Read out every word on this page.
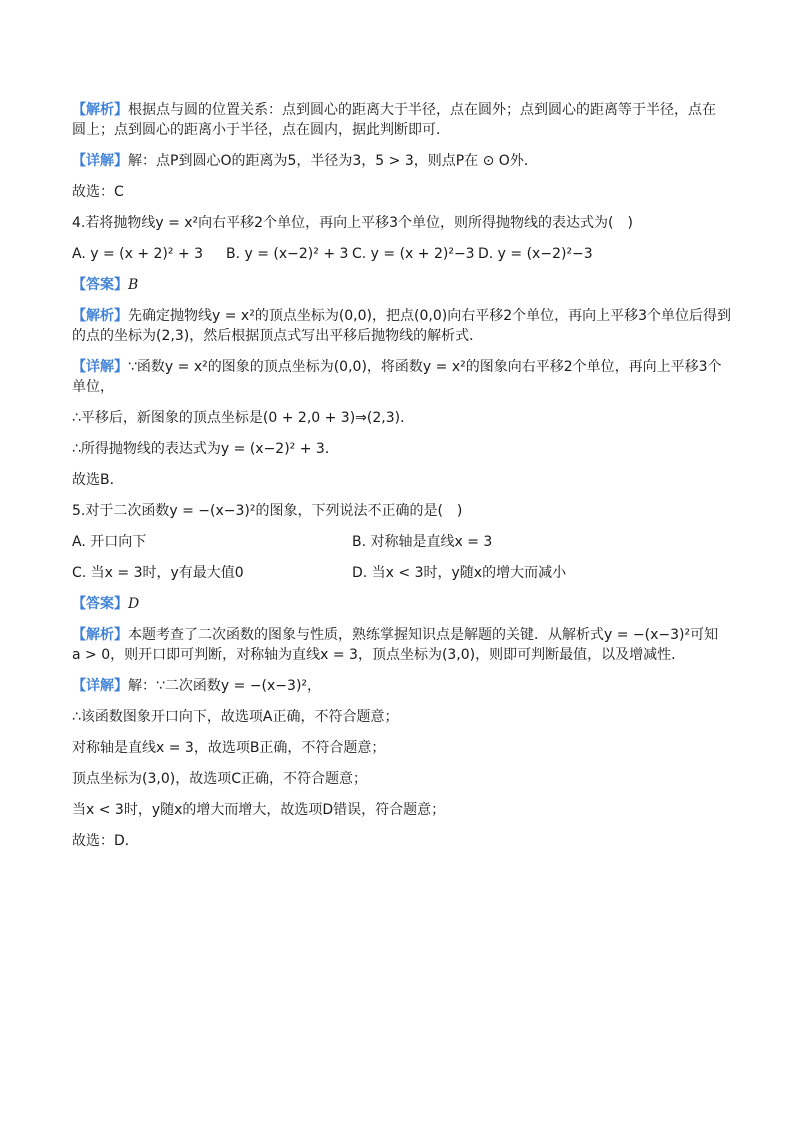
【解析】根据点与圆的位置关系：点到圆心的距离大于半径，点在圆外；点到圆心的距离等于半径，点在
圆上；点到圆心的距离小于半径，点在圆内，据此判断即可．
【详解】解：点P到圆心O的距离为5，半径为3，5 > 3，则点P在 ⊙ O外．
故选：C
4.若将抛物线y = x²向右平移2个单位，再向上平移3个单位，则所得抛物线的表达式为(　)
A. y = (x + 2)² + 3	B. y = (x−2)² + 3 C. y = (x + 2)²−3 D. y = (x−2)²−3
【答案】B
【解析】先确定抛物线y = x²的顶点坐标为(0,0)，把点(0,0)向右平移2个单位，再向上平移3个单位后得到
的点的坐标为(2,3)，然后根据顶点式写出平移后抛物线的解析式．
【详解】∵函数y = x²的图象的顶点坐标为(0,0)，将函数y = x²的图象向右平移2个单位，再向上平移3个
单位，
∴平移后，新图象的顶点坐标是(0 + 2,0 + 3)⇒(2,3)．
∴所得抛物线的表达式为y = (x−2)² + 3．
故选B．
5.对于二次函数y = −(x−3)²的图象，下列说法不正确的是(　)
A. 开口向下	B. 对称轴是直线x = 3
C. 当x = 3时，y有最大值0	D. 当x < 3时，y随x的增大而减小
【答案】D
【解析】本题考查了二次函数的图象与性质，熟练掌握知识点是解题的关键．从解析式y = −(x−3)²可知
a > 0，则开口即可判断，对称轴为直线x = 3，顶点坐标为(3,0)，则即可判断最值，以及增减性．
【详解】解：∵二次函数y = −(x−3)²，
∴该函数图象开口向下，故选项A正确，不符合题意；
对称轴是直线x = 3，故选项B正确，不符合题意；
顶点坐标为(3,0)，故选项C正确，不符合题意；
当x < 3时，y随x的增大而增大，故选项D错误，符合题意；
故选：D．
